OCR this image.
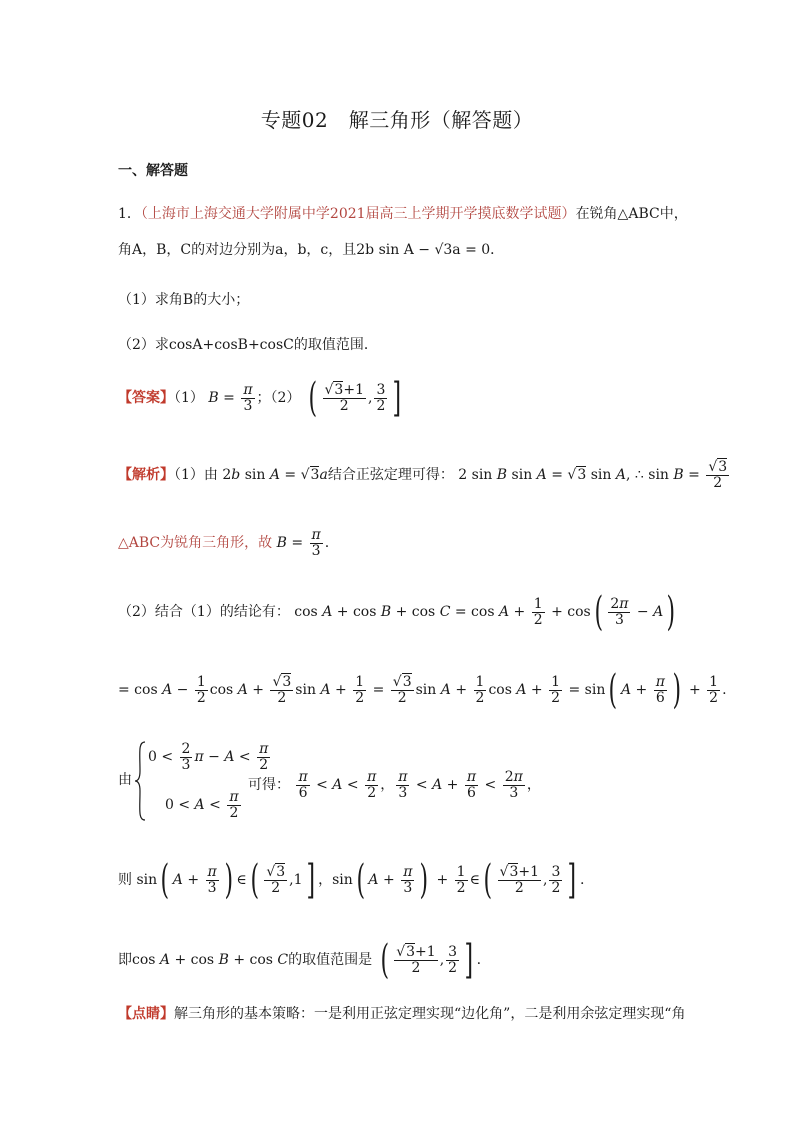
专题02　解三角形（解答题）
一、解答题
1．（上海市上海交通大学附属中学2021届高三上学期开学摸底数学试题）在锐角△ABC中，
角A，B，C的对边分别为a，b，c，且2b sin A − √3a = 0．
（1）求角B的大小；
（2）求cosA+cosB+cosC的取值范围．
【答案】（1） $B = \frac{\pi}{3}$ ；（2） ( $\frac{√3+1}{2}$ , $\frac{3}{2}$ ]
【解析】（1）由 2b sin A = √3a结合正弦定理可得： 2 sin B sin A = √3 sin A, ∴ $\sin B = \frac{√3}{2}$
△ABC为锐角三角形，故 $B = \frac{\pi}{3}$ .
（2）结合（1）的结论有： $\cos A + \cos B + \cos C = \cos A + \frac{1}{2} + \cos( \frac{2\pi}{3} - A)$
= $\cos A - \frac{1}{2}$ $\cos A + \frac{√3}{2}$ $\sin A + \frac{1}{2} = \frac{√3}{2}$ $\sin A + \frac{1}{2}$ $\cos A + \frac{1}{2} = \sin$( $A + \frac{\pi}{6}$ ) + $\frac{1}{2}$ .
由
$0 < \frac{2}{3}$ $\pi - A < \frac{\pi}{2}$
$0 < A < \frac{\pi}{2}$
可得： $\frac{\pi}{6} < A < \frac{\pi}{2}$ ， $\frac{\pi}{3} < A + \frac{\pi}{6} < \frac{2\pi}{3}$ ，
则 sin( $A + \frac{\pi}{3}$ ) ∈( $\frac{√3}{2} ,1$] ，sin( $A + \frac{\pi}{3}$ ) + $\frac{1}{2}$ ∈( $\frac{√3+1}{2}$ , $\frac{3}{2}$ ] .
即cos A + cos B + cos C的取值范围是 ( $\frac{√3+1}{2}$ , $\frac{3}{2}$ ] .
【点睛】解三角形的基本策略：一是利用正弦定理实现“边化角”，二是利用余弦定理实现“角
